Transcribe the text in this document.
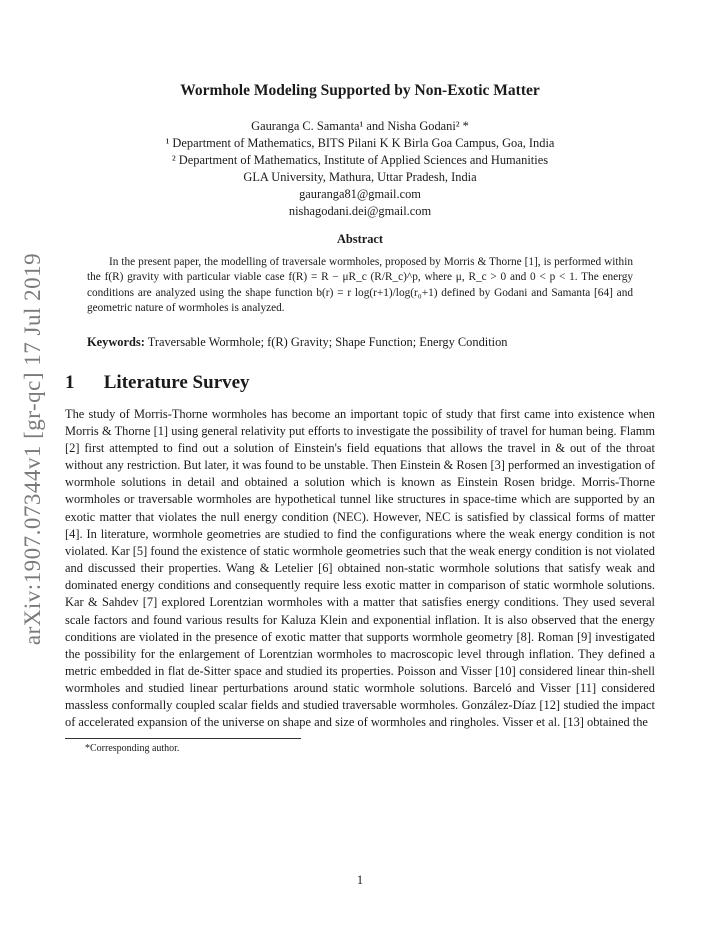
arXiv:1907.07344v1 [gr-qc] 17 Jul 2019
Wormhole Modeling Supported by Non-Exotic Matter
Gauranga C. Samanta¹ and Nisha Godani² *
¹ Department of Mathematics, BITS Pilani K K Birla Goa Campus, Goa, India
² Department of Mathematics, Institute of Applied Sciences and Humanities
GLA University, Mathura, Uttar Pradesh, India
gauranga81@gmail.com
nishagodani.dei@gmail.com
Abstract

In the present paper, the modelling of traversale wormholes, proposed by Morris & Thorne [1], is performed within the f(R) gravity with particular viable case f(R) = R − μR_c (R/R_c)^p, where μ, R_c > 0 and 0 < p < 1. The energy conditions are analyzed using the shape function b(r) = r log(r+1)/log(r₀+1) defined by Godani and Samanta [64] and geometric nature of wormholes is analyzed.

Keywords: Traversable Wormhole; f(R) Gravity; Shape Function; Energy Condition
1 Literature Survey

The study of Morris-Thorne wormholes has become an important topic of study that first came into existence when Morris & Thorne [1] using general relativity put efforts to investigate the possibility of travel for human being. Flamm [2] first attempted to find out a solution of Einstein's field equations that allows the travel in & out of the throat without any restriction. But later, it was found to be unstable. Then Einstein & Rosen [3] performed an investigation of wormhole solutions in detail and obtained a solution which is known as Einstein Rosen bridge. Morris-Thorne wormholes or traversable wormholes are hypothetical tunnel like structures in space-time which are supported by an exotic matter that violates the null energy condition (NEC). However, NEC is satisfied by classical forms of matter [4]. In literature, wormhole geometries are studied to find the configurations where the weak energy condition is not violated. Kar [5] found the existence of static wormhole geometries such that the weak energy condition is not violated and discussed their properties. Wang & Letelier [6] obtained non-static wormhole solutions that satisfy weak and dominated energy conditions and consequently require less exotic matter in comparison of static wormhole solutions. Kar & Sahdev [7] explored Lorentzian wormholes with a matter that satisfies energy conditions. They used several scale factors and found various results for Kaluza Klein and exponential inflation. It is also observed that the energy conditions are violated in the presence of exotic matter that supports wormhole geometry [8]. Roman [9] investigated the possibility for the enlargement of Lorentzian wormholes to macroscopic level through inflation. They defined a metric embedded in flat de-Sitter space and studied its properties. Poisson and Visser [10] considered linear thin-shell wormholes and studied linear perturbations around static wormhole solutions. Barceló and Visser [11] considered massless conformally coupled scalar fields and studied traversable wormholes. González-Díaz [12] studied the impact of accelerated expansion of the universe on shape and size of wormholes and ringholes. Visser et al. [13] obtained the

*Corresponding author.
1
